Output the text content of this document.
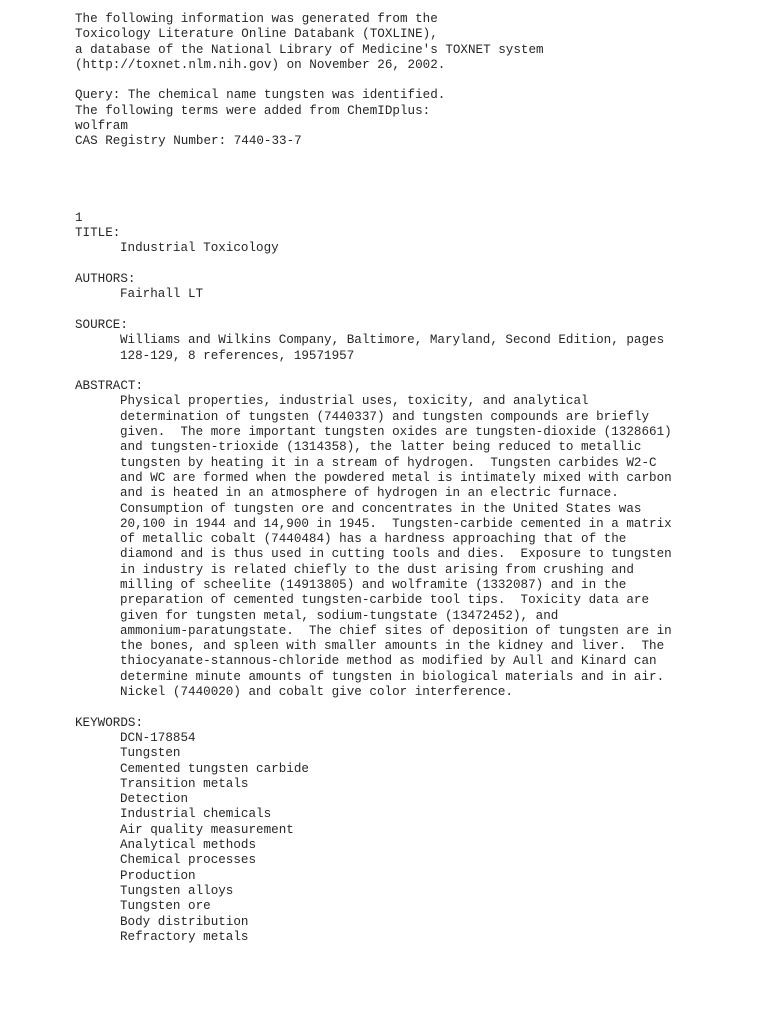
The following information was generated from the
Toxicology Literature Online Databank (TOXLINE),
a database of the National Library of Medicine's TOXNET system
(http://toxnet.nlm.nih.gov) on November 26, 2002.
Query: The chemical name tungsten was identified.
The following terms were added from ChemIDplus:
wolfram
CAS Registry Number: 7440-33-7
1
TITLE:
Industrial Toxicology
AUTHORS:
Fairhall LT
SOURCE:
Williams and Wilkins Company, Baltimore, Maryland, Second Edition, pages
128-129, 8 references, 19571957
ABSTRACT:
Physical properties, industrial uses, toxicity, and analytical
determination of tungsten (7440337) and tungsten compounds are briefly
given.  The more important tungsten oxides are tungsten-dioxide (1328661)
and tungsten-trioxide (1314358), the latter being reduced to metallic
tungsten by heating it in a stream of hydrogen.  Tungsten carbides W2-C
and WC are formed when the powdered metal is intimately mixed with carbon
and is heated in an atmosphere of hydrogen in an electric furnace.
Consumption of tungsten ore and concentrates in the United States was
20,100 in 1944 and 14,900 in 1945.  Tungsten-carbide cemented in a matrix
of metallic cobalt (7440484) has a hardness approaching that of the
diamond and is thus used in cutting tools and dies.  Exposure to tungsten
in industry is related chiefly to the dust arising from crushing and
milling of scheelite (14913805) and wolframite (1332087) and in the
preparation of cemented tungsten-carbide tool tips.  Toxicity data are
given for tungsten metal, sodium-tungstate (13472452), and
ammonium-paratungstate.  The chief sites of deposition of tungsten are in
the bones, and spleen with smaller amounts in the kidney and liver.  The
thiocyanate-stannous-chloride method as modified by Aull and Kinard can
determine minute amounts of tungsten in biological materials and in air.
Nickel (7440020) and cobalt give color interference.
KEYWORDS:
DCN-178854
Tungsten
Cemented tungsten carbide
Transition metals
Detection
Industrial chemicals
Air quality measurement
Analytical methods
Chemical processes
Production
Tungsten alloys
Tungsten ore
Body distribution
Refractory metals
